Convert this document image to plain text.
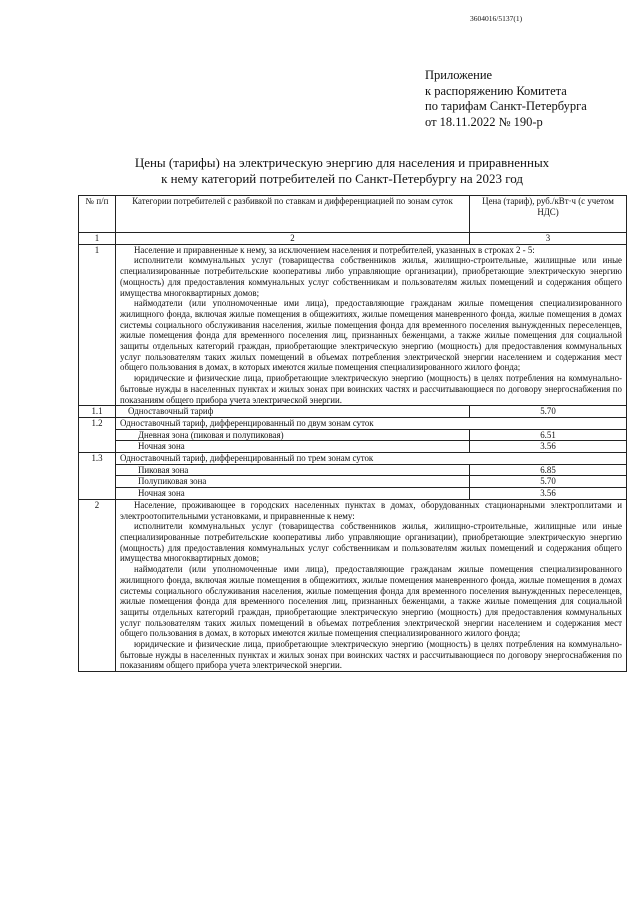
3604016/5137(1)
Приложение
к распоряжению Комитета
по тарифам Санкт-Петербурга
от 18.11.2022 № 190-р
Цены (тарифы) на электрическую энергию для населения и приравненных
к нему категорий потребителей по Санкт-Петербургу на 2023 год
№ п/п	Категории потребителей с разбивкой по ставкам и дифференциацией по зонам суток	Цена (тариф), руб./кВт·ч (с учетом НДС)
1	2	3
1	Население и приравненные к нему, за исключением населения и потребителей, указанных в строках 2 - 5:

исполнители коммунальных услуг (товарищества собственников жилья, жилищно-строительные, жилищные или иные специализированные потребительские кооперативы либо управляющие организации), приобретающие электрическую энергию (мощность) для предоставления коммунальных услуг собственникам и пользователям жилых помещений и содержания общего имущества многоквартирных домов;

наймодатели (или уполномоченные ими лица), предоставляющие гражданам жилые помещения специализированного жилищного фонда, включая жилые помещения в общежитиях, жилые помещения маневренного фонда, жилые помещения в домах системы социального обслуживания населения, жилые помещения фонда для временного поселения вынужденных переселенцев, жилые помещения фонда для временного поселения лиц, признанных беженцами, а также жилые помещения для социальной защиты отдельных категорий граждан, приобретающие электрическую энергию (мощность) для предоставления коммунальных услуг пользователям таких жилых помещений в объемах потребления электрической энергии населением и содержания мест общего пользования в домах, в которых имеются жилые помещения специализированного жилого фонда;

юридические и физические лица, приобретающие электрическую энергию (мощность) в целях потребления на коммунально-бытовые нужды в населенных пунктах и жилых зонах при воинских частях и рассчитывающиеся по договору энергоснабжения по показаниям общего прибора учета электрической энергии.	

1.1	Одноставочный тариф	5.70
1.2	Одноставочный тариф, дифференцированный по двум зонам суток	
	Дневная зона (пиковая и полупиковая)	6.51
	Ночная зона	3.56
1.3	Одноставочный тариф, дифференцированный по трем зонам суток	
	Пиковая зона	6.85
	Полупиковая зона	5.70
	Ночная зона	3.56
2	Население, проживающее в городских населенных пунктах в домах, оборудованных стационарными электроплитами и электроотопительными установками, и приравненные к нему:

исполнители коммунальных услуг (товарищества собственников жилья, жилищно-строительные, жилищные или иные специализированные потребительские кооперативы либо управляющие организации), приобретающие электрическую энергию (мощность) для предоставления коммунальных услуг собственникам и пользователям жилых помещений и содержания общего имущества многоквартирных домов;

наймодатели (или уполномоченные ими лица), предоставляющие гражданам жилые помещения специализированного жилищного фонда, включая жилые помещения в общежитиях, жилые помещения маневренного фонда, жилые помещения в домах системы социального обслуживания населения, жилые помещения фонда для временного поселения вынужденных переселенцев, жилые помещения фонда для временного поселения лиц, признанных беженцами, а также жилые помещения для социальной защиты отдельных категорий граждан, приобретающие электрическую энергию (мощность) для предоставления коммунальных услуг пользователям таких жилых помещений в объемах потребления электрической энергии населением и содержания мест общего пользования в домах, в которых имеются жилые помещения специализированного жилого фонда;

юридические и физические лица, приобретающие электрическую энергию (мощность) в целях потребления на коммунально-бытовые нужды в населенных пунктах и жилых зонах при воинских частях и рассчитывающиеся по договору энергоснабжения по показаниям общего прибора учета электрической энергии.	
